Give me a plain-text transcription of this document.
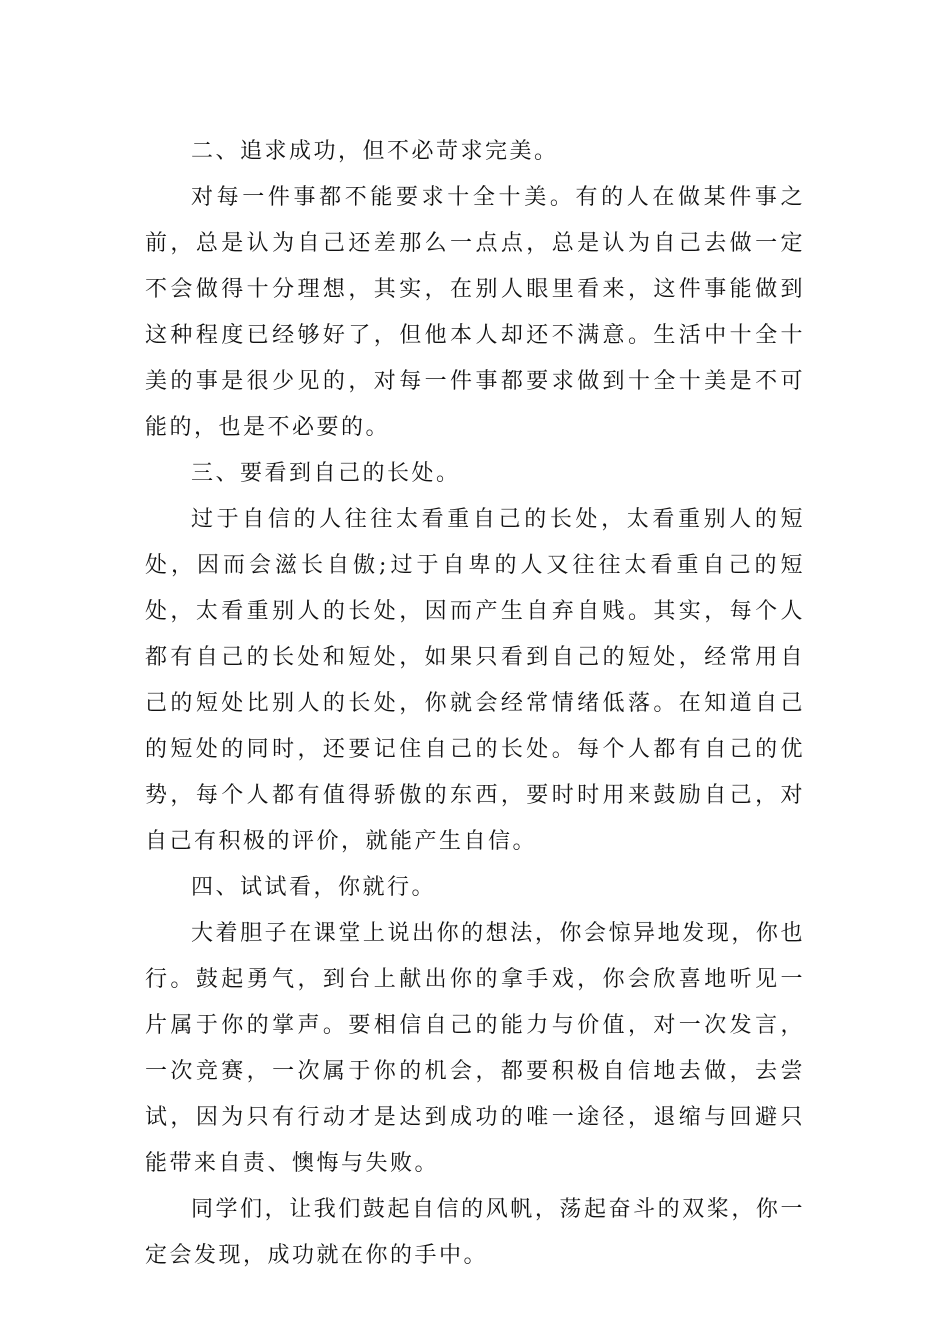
二、追求成功，但不必苛求完美。

对每一件事都不能要求十全十美。有的人在做某件事之前，总是认为自己还差那么一点点，总是认为自己去做一定不会做得十分理想，其实，在别人眼里看来，这件事能做到这种程度已经够好了，但他本人却还不满意。生活中十全十美的事是很少见的，对每一件事都要求做到十全十美是不可能的，也是不必要的。

三、要看到自己的长处。

过于自信的人往往太看重自己的长处，太看重别人的短处，因而会滋长自傲;过于自卑的人又往往太看重自己的短处，太看重别人的长处，因而产生自弃自贱。其实，每个人都有自己的长处和短处，如果只看到自己的短处，经常用自己的短处比别人的长处，你就会经常情绪低落。在知道自己的短处的同时，还要记住自己的长处。每个人都有自己的优势，每个人都有值得骄傲的东西，要时时用来鼓励自己，对自己有积极的评价，就能产生自信。

四、试试看，你就行。

大着胆子在课堂上说出你的想法，你会惊异地发现，你也行。鼓起勇气，到台上献出你的拿手戏，你会欣喜地听见一片属于你的掌声。要相信自己的能力与价值，对一次发言，一次竞赛，一次属于你的机会，都要积极自信地去做，去尝试，因为只有行动才是达到成功的唯一途径，退缩与回避只能带来自责、懊悔与失败。

同学们，让我们鼓起自信的风帆，荡起奋斗的双桨，你一定会发现，成功就在你的手中。
